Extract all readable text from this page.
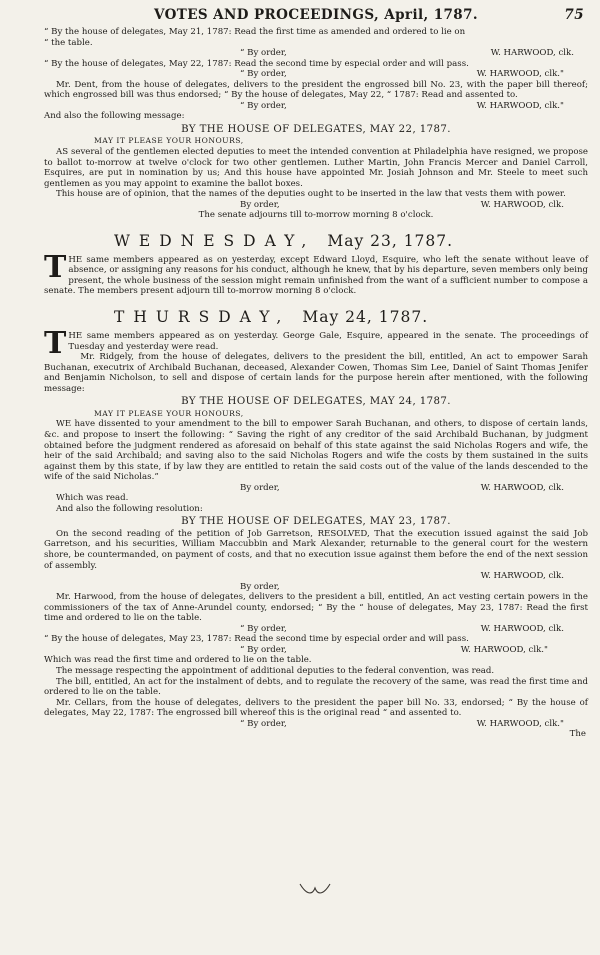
VOTES AND PROCEEDINGS, April, 1787.	75

“ By the house of delegates, May 21, 1787: Read the first time as amended and ordered to lie on

“ the table.

“ By order,	W. HARWOOD, clk.

“ By the house of delegates, May 22, 1787: Read the second time by especial order and will pass.

“ By order,	W. HARWOOD, clk."

Mr. Dent, from the house of delegates, delivers to the president the engrossed bill No. 23, with the paper bill thereof; which engrossed bill was thus endorsed; “ By the house of delegates, May 22, “ 1787: Read and assented to.

“ By order,	W. HARWOOD, clk."

And also the following message:

BY THE HOUSE OF DELEGATES, MAY 22, 1787.

MAY IT PLEASE YOUR HONOURS,

AS several of the gentlemen elected deputies to meet the intended convention at Philadelphia have resigned, we propose to ballot to-morrow at twelve o'clock for two other gentlemen. Luther Martin, John Francis Mercer and Daniel Carroll, Esquires, are put in nomination by us; And this house have appointed Mr. Josiah Johnson and Mr. Steele to meet such gentlemen as you may appoint to examine the ballot boxes.

This house are of opinion, that the names of the deputies ought to be inserted in the law that vests them with power.

By order,	W. HARWOOD, clk.

The senate adjourns till to-morrow morning 8 o'clock.

WEDNESDAY, May 23, 1787.

THE same members appeared as on yesterday, except Edward Lloyd, Esquire, who left the senate without leave of absence, or assigning any reasons for his conduct, although he knew, that by his departure, seven members only being present, the whole business of the session might remain unfinished from the want of a sufficient number to compose a senate. The members present adjourn till to-morrow morning 8 o'clock.

THURSDAY, May 24, 1787.

THE same members appeared as on yesterday. George Gale, Esquire, appeared in the senate. The proceedings of Tuesday and yesterday were read.

Mr. Ridgely, from the house of delegates, delivers to the president the bill, entitled, An act to empower Sarah Buchanan, executrix of Archibald Buchanan, deceased, Alexander Cowen, Thomas Sim Lee, Daniel of Saint Thomas Jenifer and Benjamin Nicholson, to sell and dispose of certain lands for the purpose herein after mentioned, with the following message:

BY THE HOUSE OF DELEGATES, MAY 24, 1787.

MAY IT PLEASE YOUR HONOURS,

WE have dissented to your amendment to the bill to empower Sarah Buchanan, and others, to dispose of certain lands, &c. and propose to insert the following: “ Saving the right of any creditor of the said Archibald Buchanan, by judgment obtained before the judgment rendered as aforesaid on behalf of this state against the said Nicholas Rogers and wife, the heir of the said Archibald; and saving also to the said Nicholas Rogers and wife the costs by them sustained in the suits against them by this state, if by law they are entitled to retain the said costs out of the value of the lands descended to the wife of the said Nicholas.”

By order,	W. HARWOOD, clk.

Which was read.

And also the following resolution:

BY THE HOUSE OF DELEGATES, MAY 23, 1787.

On the second reading of the petition of Job Garretson, RESOLVED, That the execution issued against the said Job Garretson, and his securities, William Maccubbin and Mark Alexander, returnable to the general court for the western shore, be countermanded, on payment of costs, and that no execution issue against them before the end of the next session of assembly.

W. HARWOOD, clk.

By order,

Mr. Harwood, from the house of delegates, delivers to the president a bill, entitled, An act vesting certain powers in the commissioners of the tax of Anne-Arundel county, endorsed; “ By the “ house of delegates, May 23, 1787: Read the first time and ordered to lie on the table.

“ By order,	W. HARWOOD, clk.

“ By the house of delegates, May 23, 1787: Read the second time by especial order and will pass.

“ By order,	W. HARWOOD, clk."

Which was read the first time and ordered to lie on the table.

The message respecting the appointment of additional deputies to the federal convention, was read.

The bill, entitled, An act for the instalment of debts, and to regulate the recovery of the same, was read the first time and ordered to lie on the table.

Mr. Cellars, from the house of delegates, delivers to the president the paper bill No. 33, endorsed; “ By the house of delegates, May 22, 1787: The engrossed bill whereof this is the original read “ and assented to.

“ By order,	W. HARWOOD, clk."

The
